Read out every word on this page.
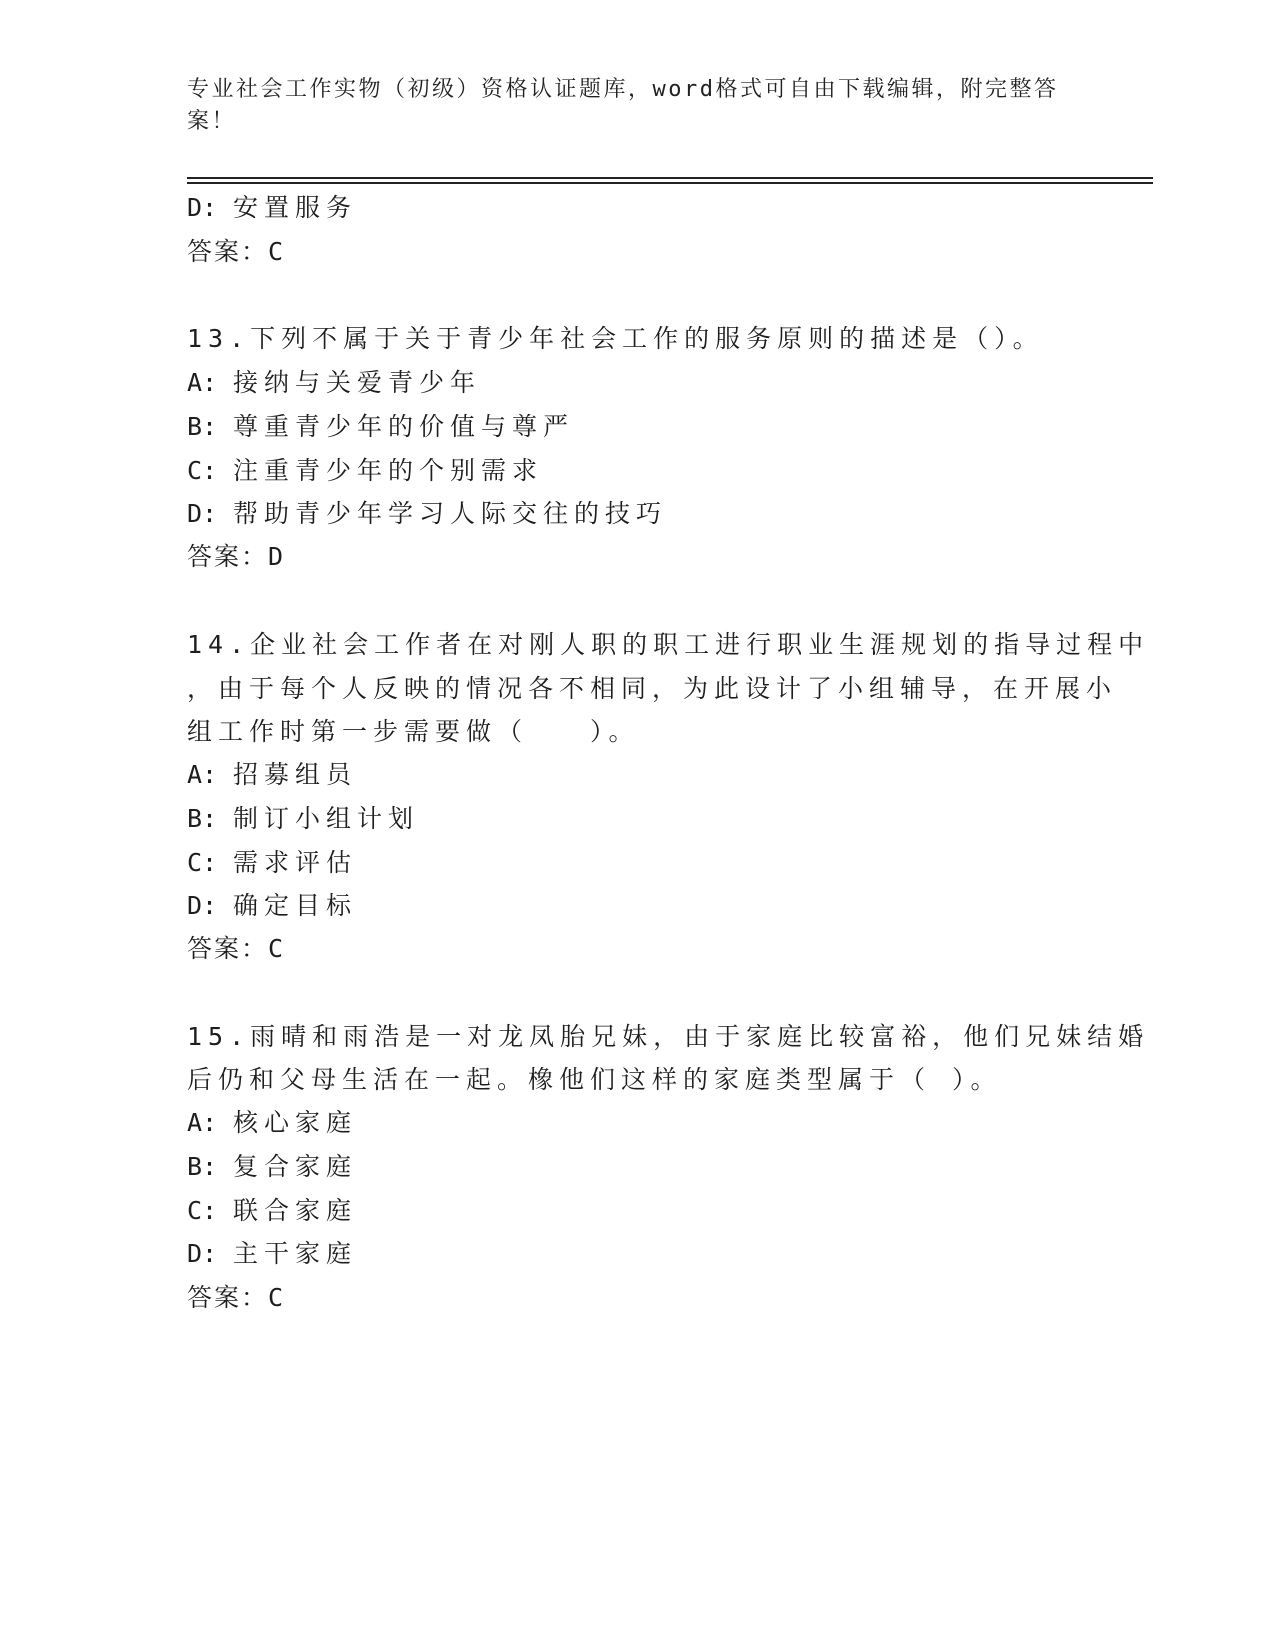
专业社会工作实物（初级）资格认证题库，word格式可自由下载编辑，附完整答案！
D: 安置服务
答案：C
13.下列不属于关于青少年社会工作的服务原则的描述是（）。
A: 接纳与关爱青少年
B: 尊重青少年的价值与尊严
C: 注重青少年的个别需求
D: 帮助青少年学习人际交往的技巧
答案：D
14.企业社会工作者在对刚人职的职工进行职业生涯规划的指导过程中
，由于每个人反映的情况各不相同，为此设计了小组辅导，在开展小
组工作时第一步需要做（　　）。
A: 招募组员
B: 制订小组计划
C: 需求评估
D: 确定目标
答案：C
15.雨晴和雨浩是一对龙凤胎兄妹，由于家庭比较富裕，他们兄妹结婚
后仍和父母生活在一起。橡他们这样的家庭类型属于（ ）。
A: 核心家庭
B: 复合家庭
C: 联合家庭
D: 主干家庭
答案：C
